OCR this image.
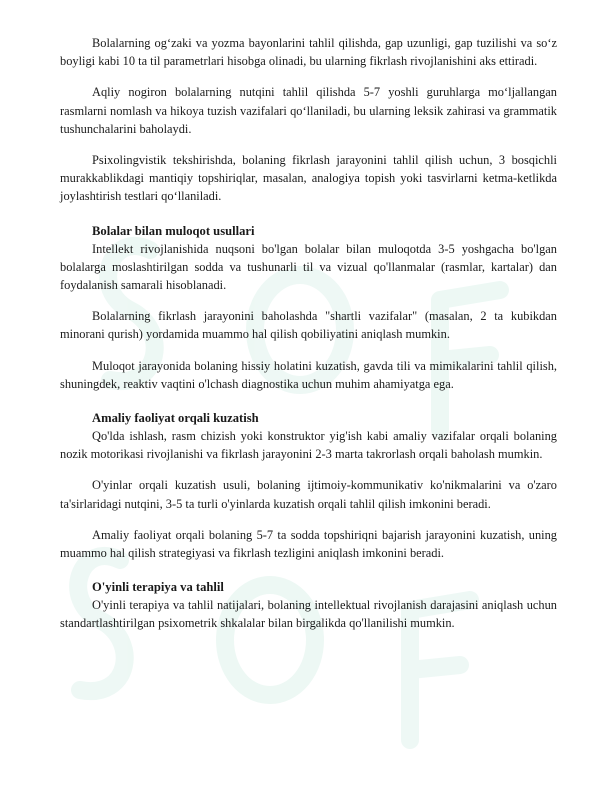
Bolalarning og‘zaki va yozma bayonlarini tahlil qilishda, gap uzunligi, gap tuzilishi va so‘z boyligi kabi 10 ta til parametrlari hisobga olinadi, bu ularning fikrlash rivojlanishini aks ettiradi.

Aqliy nogiron bolalarning nutqini tahlil qilishda 5-7 yoshli guruhlarga mo‘ljallangan rasmlarni nomlash va hikoya tuzish vazifalari qo‘llaniladi, bu ularning leksik zahirasi va grammatik tushunchalarini baholaydi.

Psixolingvistik tekshirishda, bolaning fikrlash jarayonini tahlil qilish uchun, 3 bosqichli murakkablikdagi mantiqiy topshiriqlar, masalan, analogiya topish yoki tasvirlarni ketma-ketlikda joylashtirish testlari qo‘llaniladi.

Bolalar bilan muloqot usullari

Intellekt rivojlanishida nuqsoni bo'lgan bolalar bilan muloqotda 3-5 yoshgacha bo'lgan bolalarga moslashtirilgan sodda va tushunarli til va vizual qo'llanmalar (rasmlar, kartalar) dan foydalanish samarali hisoblanadi.

Bolalarning fikrlash jarayonini baholashda "shartli vazifalar" (masalan, 2 ta kubikdan minorani qurish) yordamida muammo hal qilish qobiliyatini aniqlash mumkin.

Muloqot jarayonida bolaning hissiy holatini kuzatish, gavda tili va mimikalarini tahlil qilish, shuningdek, reaktiv vaqtini o'lchash diagnostika uchun muhim ahamiyatga ega.

Amaliy faoliyat orqali kuzatish

Qo'lda ishlash, rasm chizish yoki konstruktor yig'ish kabi amaliy vazifalar orqali bolaning nozik motorikasi rivojlanishi va fikrlash jarayonini 2-3 marta takrorlash orqali baholash mumkin.

O'yinlar orqali kuzatish usuli, bolaning ijtimoiy-kommunikativ ko'nikmalarini va o'zaro ta'sirlaridagi nutqini, 3-5 ta turli o'yinlarda kuzatish orqali tahlil qilish imkonini beradi.

Amaliy faoliyat orqali bolaning 5-7 ta sodda topshiriqni bajarish jarayonini kuzatish, uning muammo hal qilish strategiyasi va fikrlash tezligini aniqlash imkonini beradi.

O'yinli terapiya va tahlil

O'yinli terapiya va tahlil natijalari, bolaning intellektual rivojlanish darajasini aniqlash uchun standartlashtirilgan psixometrik shkalalar bilan birgalikda qo'llanilishi mumkin.
